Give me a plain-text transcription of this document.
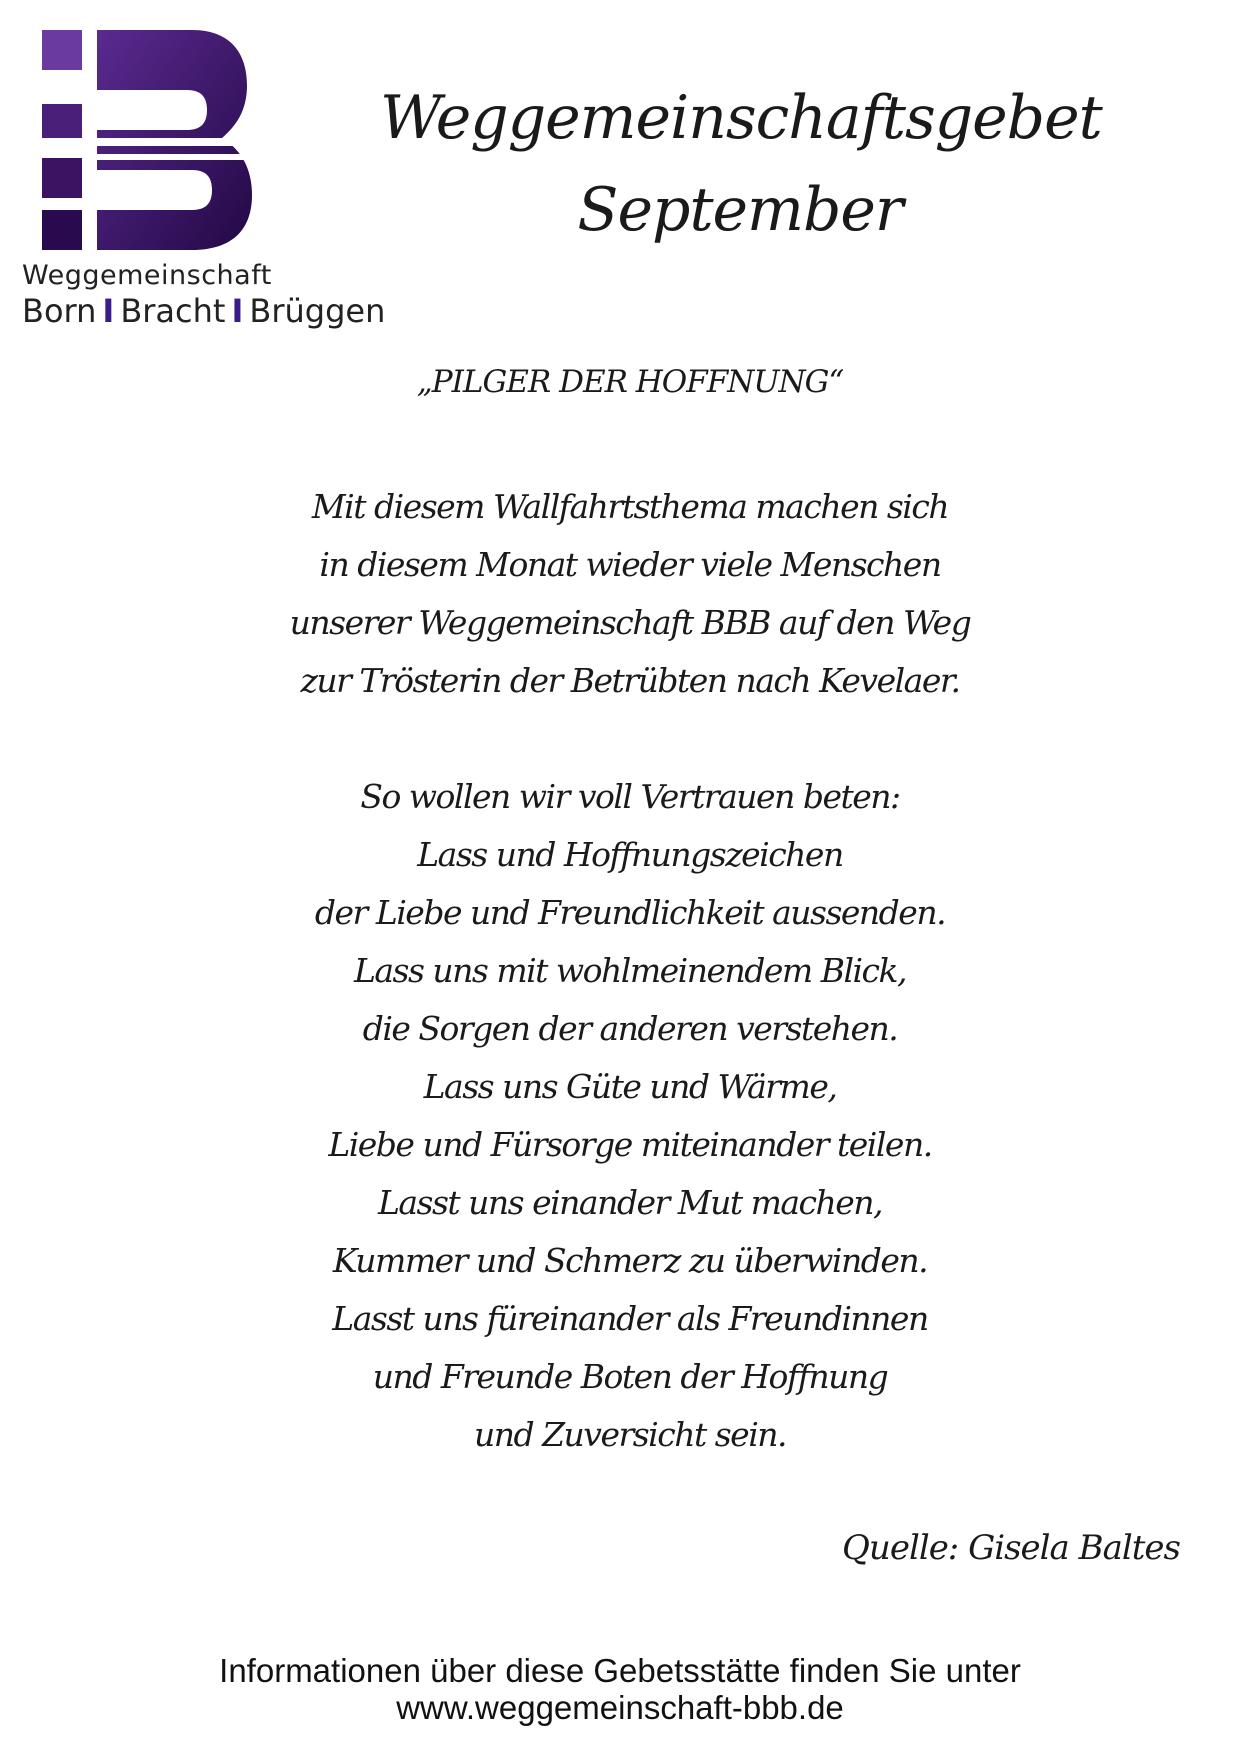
Weggemeinschaft
Born I Bracht I Brüggen
Weggemeinschaftsgebet
September
„PILGER DER HOFFNUNG“
Mit diesem Wallfahrtsthema machen sich
in diesem Monat wieder viele Menschen
unserer Weggemeinschaft BBB auf den Weg
zur Trösterin der Betrübten nach Kevelaer.
So wollen wir voll Vertrauen beten:
Lass und Hoffnungszeichen
der Liebe und Freundlichkeit aussenden.
Lass uns mit wohlmeinendem Blick,
die Sorgen der anderen verstehen.
Lass uns Güte und Wärme,
Liebe und Fürsorge miteinander teilen.
Lasst uns einander Mut machen,
Kummer und Schmerz zu überwinden.
Lasst uns füreinander als Freundinnen
und Freunde Boten der Hoffnung
und Zuversicht sein.
Quelle: Gisela Baltes
Informationen über diese Gebetsstätte finden Sie unter
www.weggemeinschaft-bbb.de
